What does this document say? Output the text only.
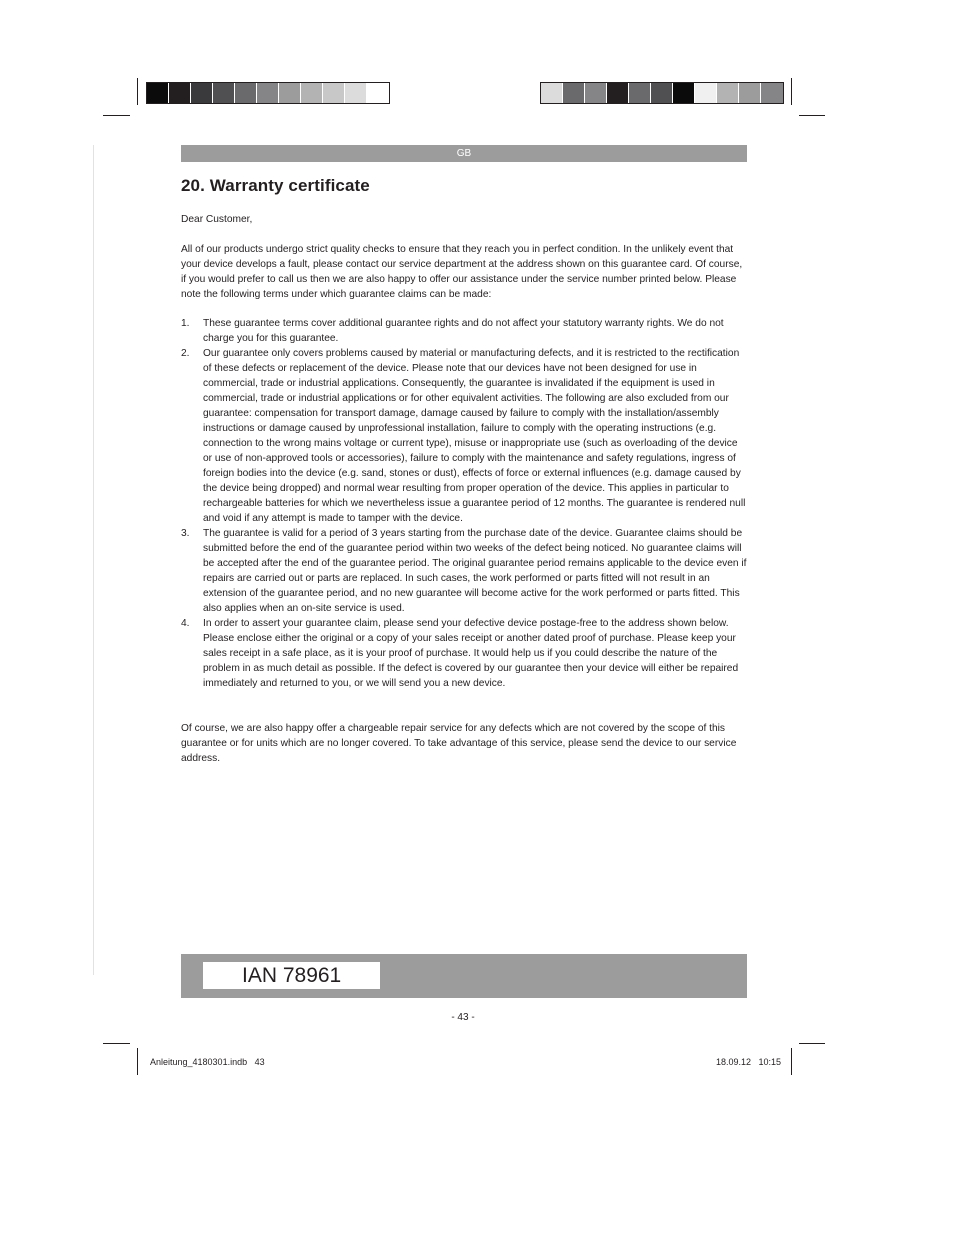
GB
20. Warranty certificate
Dear Customer,

All of our products undergo strict quality checks to ensure that they reach you in perfect condition. In the unlikely event that your device develops a fault, please contact our service department at the address shown on this guarantee card. Of course, if you would prefer to call us then we are also happy to offer our assistance under the service number printed below. Please note the following terms under which guarantee claims can be made:

1. These guarantee terms cover additional guarantee rights and do not affect your statutory warranty rights. We do not charge you for this guarantee.
2. Our guarantee only covers problems caused by material or manufacturing defects, and it is restricted to the rectification of these defects or replacement of the device. Please note that our devices have not been designed for use in commercial, trade or industrial applications. Consequently, the guarantee is invalidated if the equipment is used in commercial, trade or industrial applications or for other equivalent activities. The following are also excluded from our guarantee: compensation for transport damage, damage caused by failure to comply with the installation/assembly instructions or damage caused by unprofessional installation, failure to comply with the operating instructions (e.g. connection to the wrong mains voltage or current type), misuse or inappropriate use (such as overloading of the device or use of non-approved tools or accessories), failure to comply with the maintenance and safety regulations, ingress of foreign bodies into the device (e.g. sand, stones or dust), effects of force or external influences (e.g. damage caused by the device being dropped) and normal wear resulting from proper operation of the device. This applies in particular to rechargeable batteries for which we nevertheless issue a guarantee period of 12 months. The guarantee is rendered null and void if any attempt is made to tamper with the device.
3. The guarantee is valid for a period of 3 years starting from the purchase date of the device. Guarantee claims should be submitted before the end of the guarantee period within two weeks of the defect being noticed. No guarantee claims will be accepted after the end of the guarantee period. The original guarantee period remains applicable to the device even if repairs are carried out or parts are replaced. In such cases, the work performed or parts fitted will not result in an extension of the guarantee period, and no new guarantee will become active for the work performed or parts fitted. This also applies when an on-site service is used.
4. In order to assert your guarantee claim, please send your defective device postage-free to the address shown below. Please enclose either the original or a copy of your sales receipt or another dated proof of purchase. Please keep your sales receipt in a safe place, as it is your proof of purchase. It would help us if you could describe the nature of the problem in as much detail as possible. If the defect is covered by our guarantee then your device will either be repaired immediately and returned to you, or we will send you a new device.

Of course, we are also happy offer a chargeable repair service for any defects which are not covered by the scope of this guarantee or for units which are no longer covered. To take advantage of this service, please send the device to our service address.

IAN 78961
- 43 -
Anleitung_4180301.indb   43	18.09.12   10:15
